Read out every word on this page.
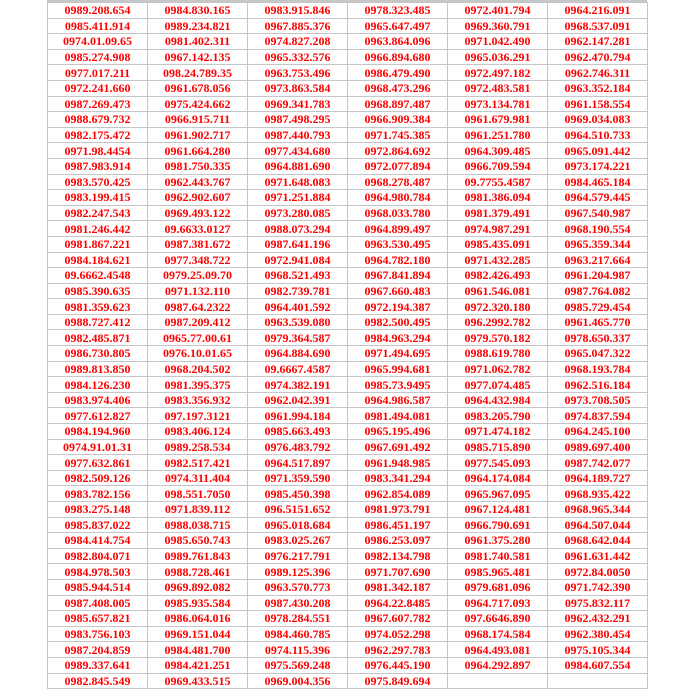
0989.208.654	0984.830.165	0983.915.846	0978.323.485	0972.401.794	0964.216.091
0985.411.914	0989.234.821	0967.885.376	0965.647.497	0969.360.791	0968.537.091
0974.01.09.65	0981.402.311	0974.827.208	0963.864.096	0971.042.490	0962.147.281
0985.274.908	0967.142.135	0965.332.576	0966.894.680	0965.036.291	0962.470.794
0977.017.211	098.24.789.35	0963.753.496	0986.479.490	0972.497.182	0962.746.311
0972.241.660	0961.678.056	0973.863.584	0968.473.296	0972.483.581	0963.352.184
0987.269.473	0975.424.662	0969.341.783	0968.897.487	0973.134.781	0961.158.554
0988.679.732	0966.915.711	0987.498.295	0966.909.384	0961.679.981	0969.034.083
0982.175.472	0961.902.717	0987.440.793	0971.745.385	0961.251.780	0964.510.733
0971.98.4454	0961.664.280	0977.434.680	0972.864.692	0964.309.485	0965.091.442
0987.983.914	0981.750.335	0964.881.690	0972.077.894	0966.709.594	0973.174.221
0983.570.425	0962.443.767	0971.648.083	0968.278.487	09.7755.4587	0984.465.184
0983.199.415	0962.902.607	0971.251.884	0964.980.784	0981.386.094	0964.579.445
0982.247.543	0969.493.122	0973.280.085	0968.033.780	0981.379.491	0967.540.987
0981.246.442	09.6633.0127	0988.073.294	0964.899.497	0974.987.291	0968.190.554
0981.867.221	0987.381.672	0987.641.196	0963.530.495	0985.435.091	0965.359.344
0984.184.621	0977.348.722	0972.941.084	0964.782.180	0971.432.285	0963.217.664
09.6662.4548	0979.25.09.70	0968.521.493	0967.841.894	0982.426.493	0961.204.987
0985.390.635	0971.132.110	0982.739.781	0967.660.483	0961.546.081	0987.764.082
0981.359.623	0987.64.2322	0964.401.592	0972.194.387	0972.320.180	0985.729.454
0988.727.412	0987.209.412	0963.539.080	0982.500.495	096.2992.782	0961.465.770
0982.485.871	0965.77.00.61	0979.364.587	0984.963.294	0979.570.182	0978.650.337
0986.730.805	0976.10.01.65	0964.884.690	0971.494.695	0988.619.780	0965.047.322
0989.813.850	0968.204.502	09.6667.4587	0965.994.681	0971.062.782	0968.193.784
0984.126.230	0981.395.375	0974.382.191	0985.73.9495	0977.074.485	0962.516.184
0983.974.406	0983.356.932	0962.042.391	0964.986.587	0964.432.984	0973.708.505
0977.612.827	097.197.3121	0961.994.184	0981.494.081	0983.205.790	0974.837.594
0984.194.960	0983.406.124	0985.663.493	0965.195.496	0971.474.182	0964.245.100
0974.91.01.31	0989.258.534	0976.483.792	0967.691.492	0985.715.890	0989.697.400
0977.632.861	0982.517.421	0964.517.897	0961.948.985	0977.545.093	0987.742.077
0982.509.126	0974.311.404	0971.359.590	0983.341.294	0964.174.084	0964.189.727
0983.782.156	098.551.7050	0985.450.398	0962.854.089	0965.967.095	0968.935.422
0983.275.148	0971.839.112	096.5151.652	0981.973.791	0967.124.481	0968.965.344
0985.837.022	0988.038.715	0965.018.684	0986.451.197	0966.790.691	0964.507.044
0984.414.754	0985.650.743	0983.025.267	0986.253.097	0961.375.280	0968.642.044
0982.804.071	0989.761.843	0976.217.791	0982.134.798	0981.740.581	0961.631.442
0984.978.503	0988.728.461	0989.125.396	0971.707.690	0985.965.481	0972.84.0050
0985.944.514	0969.892.082	0963.570.773	0981.342.187	0979.681.096	0971.742.390
0987.408.005	0985.935.584	0987.430.208	0964.22.8485	0964.717.093	0975.832.117
0985.657.821	0986.064.016	0978.284.551	0967.607.782	097.6646.890	0962.432.291
0983.756.103	0969.151.044	0984.460.785	0974.052.298	0968.174.584	0962.380.454
0987.204.859	0984.481.700	0974.115.396	0962.297.783	0964.493.081	0975.105.344
0989.337.641	0984.421.251	0975.569.248	0976.445.190	0964.292.897	0984.607.554
0982.845.549	0969.433.515	0969.004.356	0975.849.694		
